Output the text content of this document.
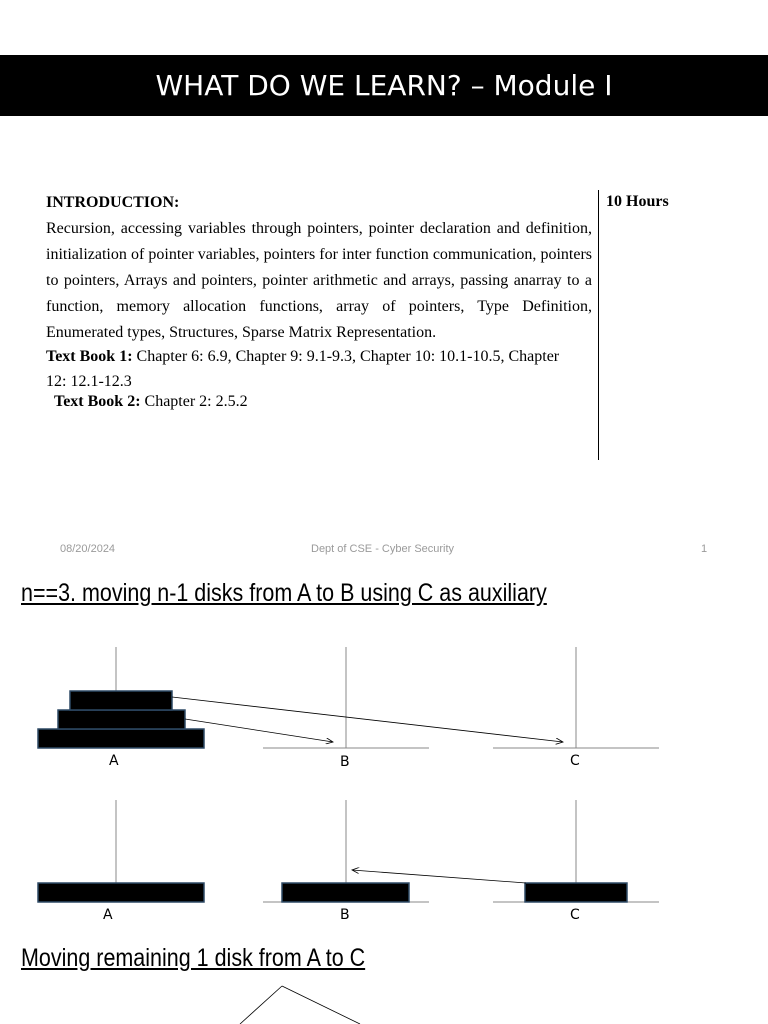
WHAT DO WE LEARN? – Module I
INTRODUCTION:
Recursion, accessing variables through pointers, pointer declaration and definition, initialization of pointer variables, pointers for inter function communication, pointers to pointers, Arrays and pointers, pointer arithmetic and arrays, passing anarray to a function, memory allocation functions, array of pointers, Type Definition, Enumerated types, Structures, Sparse Matrix Representation.
Text Book 1: Chapter 6: 6.9, Chapter 9: 9.1-9.3, Chapter 10: 10.1-10.5, Chapter
12: 12.1-12.3
Text Book 2: Chapter 2: 2.5.2
10 Hours
08/20/2024	Dept of CSE - Cyber Security	1
n==3. moving n-1 disks from A to B using C as auxiliary
A	B	C
A	B	C
Moving remaining 1 disk from A to C
